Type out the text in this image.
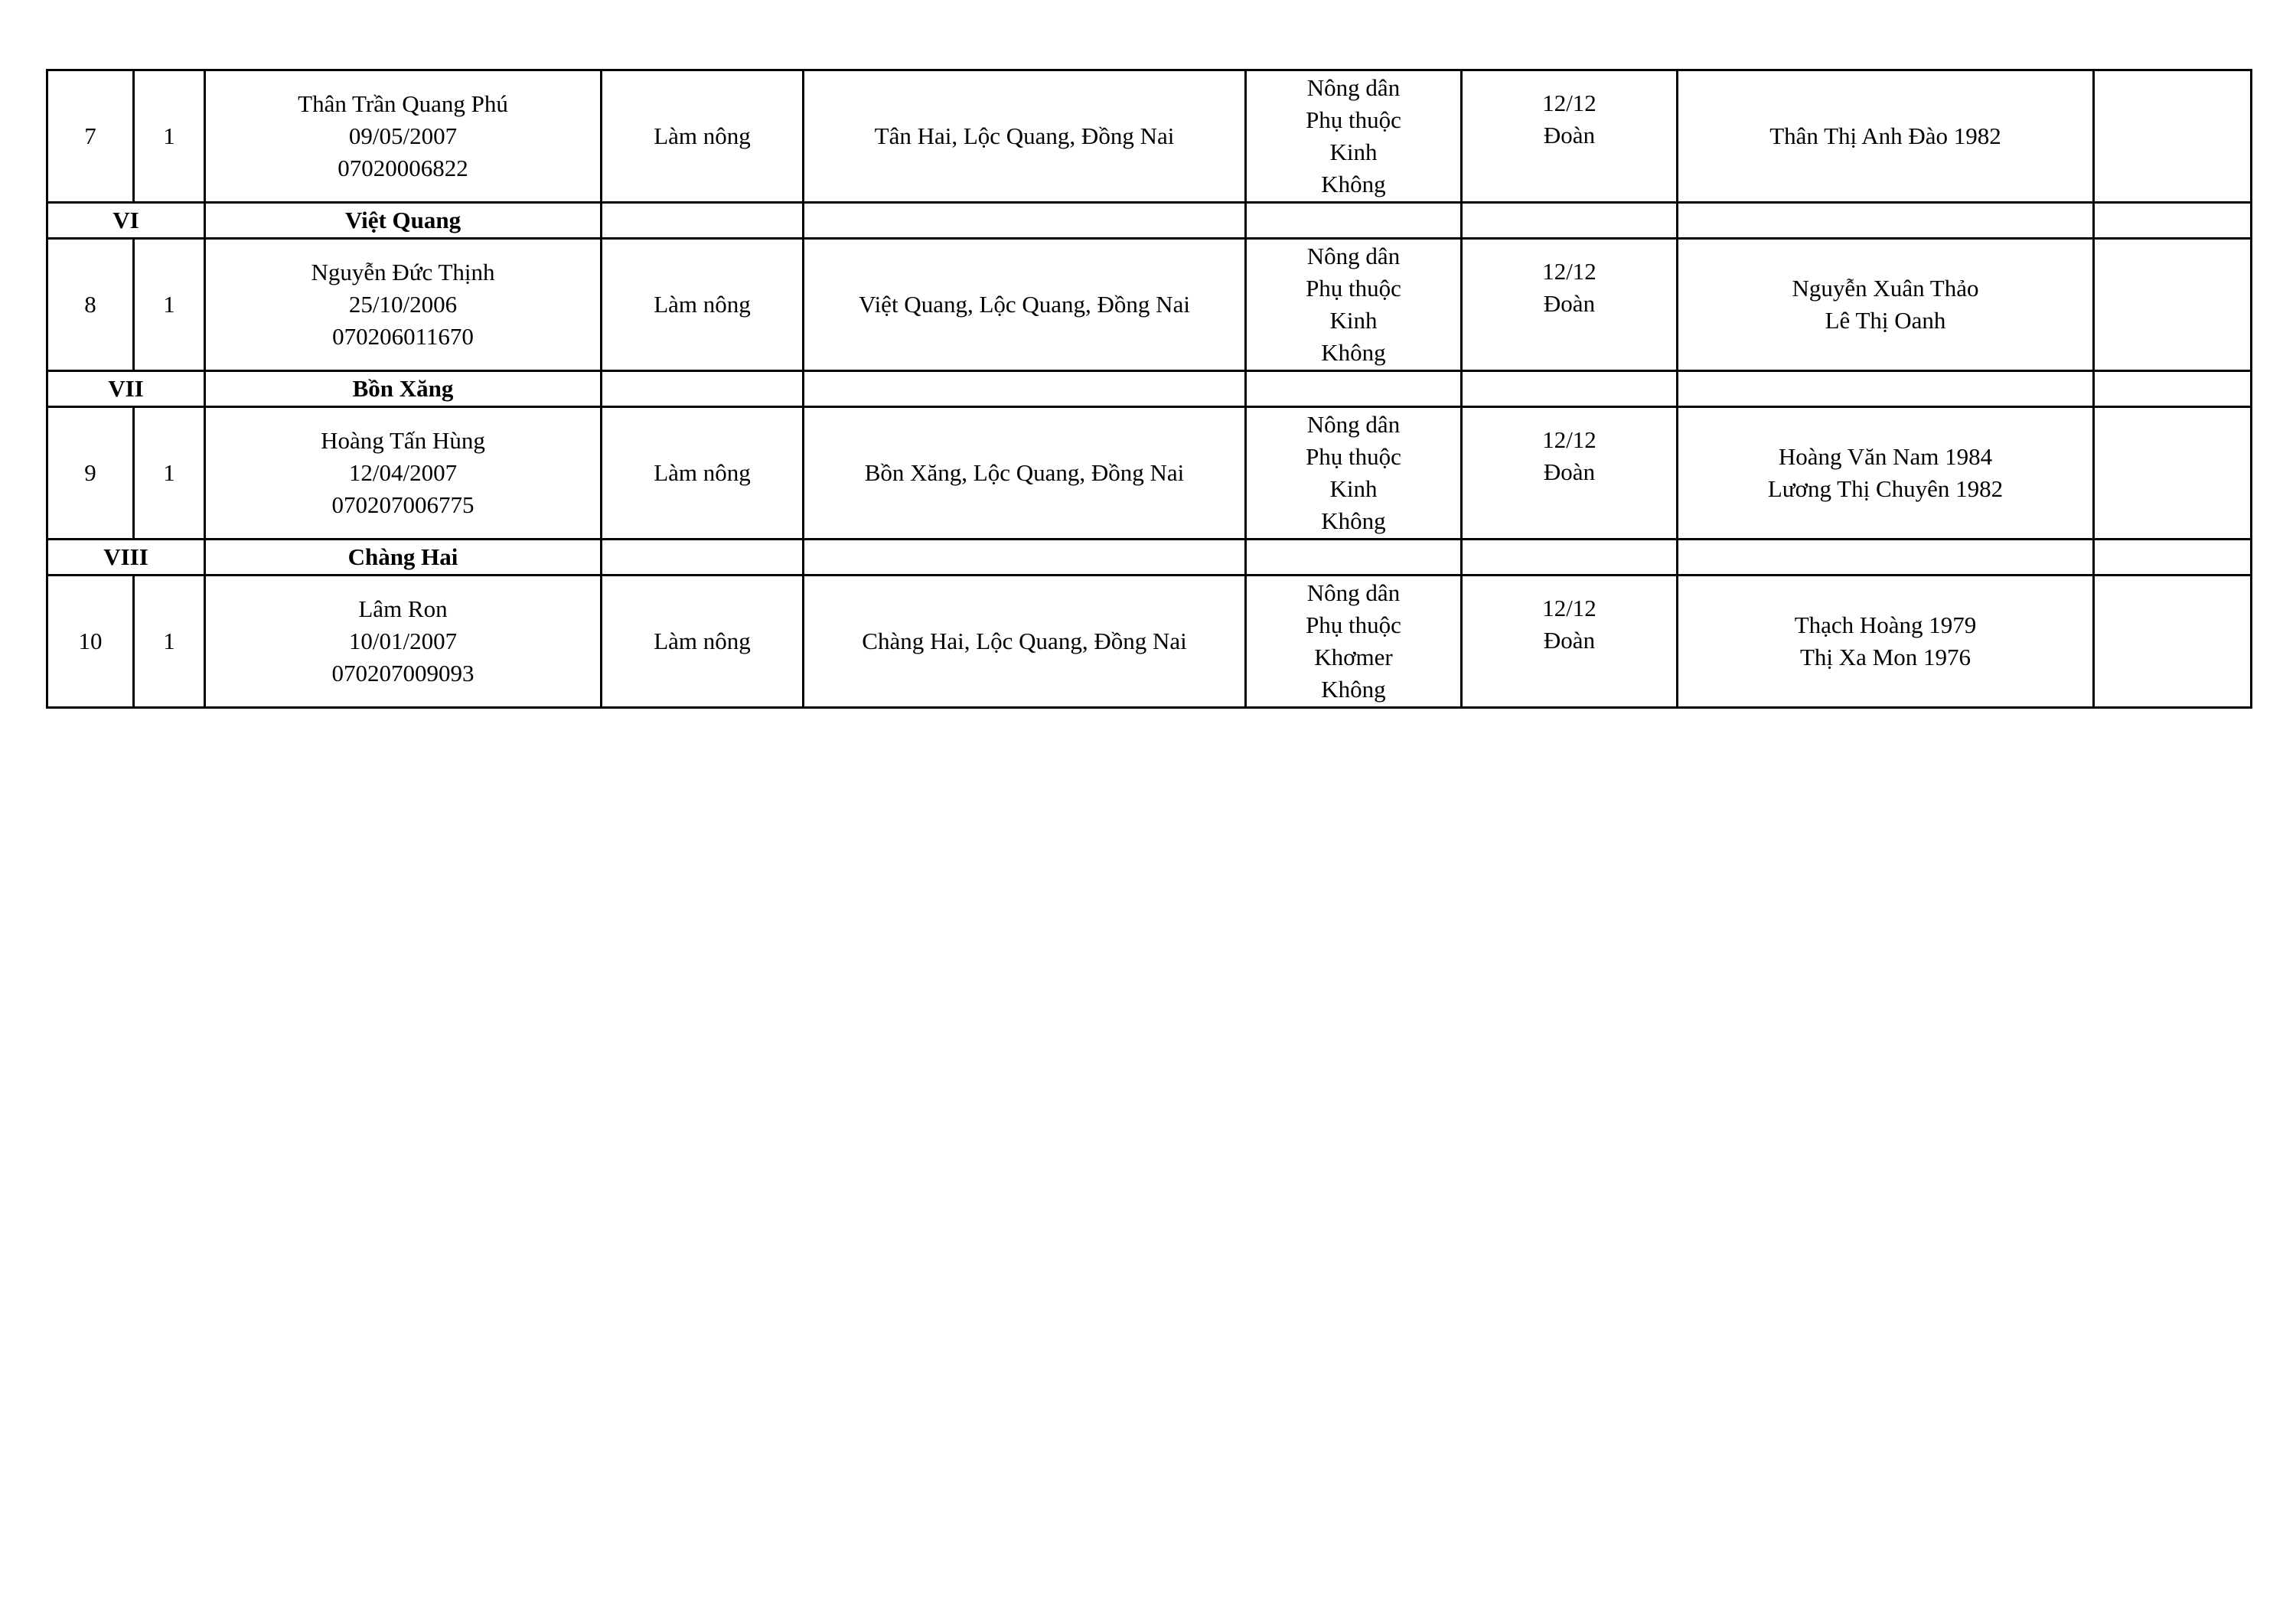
7	1	Thân Trần Quang Phú
09/05/2007
07020006822	Làm nông	Tân Hai, Lộc Quang, Đồng Nai	Nông dân
Phụ thuộc
Kinh
Không	12/12
Đoàn	Thân Thị Anh Đào 1982	

VI		Việt Quang						
8	1	Nguyễn Đức Thịnh
25/10/2006
070206011670	Làm nông	Việt Quang, Lộc Quang, Đồng Nai	Nông dân
Phụ thuộc
Kinh
Không	12/12
Đoàn	Nguyễn Xuân Thảo
Lê Thị Oanh	

VII		Bồn Xăng						
9	1	Hoàng Tấn Hùng
12/04/2007
070207006775	Làm nông	Bồn Xăng, Lộc Quang, Đồng Nai	Nông dân
Phụ thuộc
Kinh
Không	12/12
Đoàn	Hoàng Văn Nam 1984
Lương Thị Chuyên 1982	

VIII		Chàng Hai						
10	1	Lâm Ron
10/01/2007
070207009093	Làm nông	Chàng Hai, Lộc Quang, Đồng Nai	Nông dân
Phụ thuộc
Khơmer
Không	12/12
Đoàn	Thạch Hoàng 1979
Thị Xa Mon 1976	
